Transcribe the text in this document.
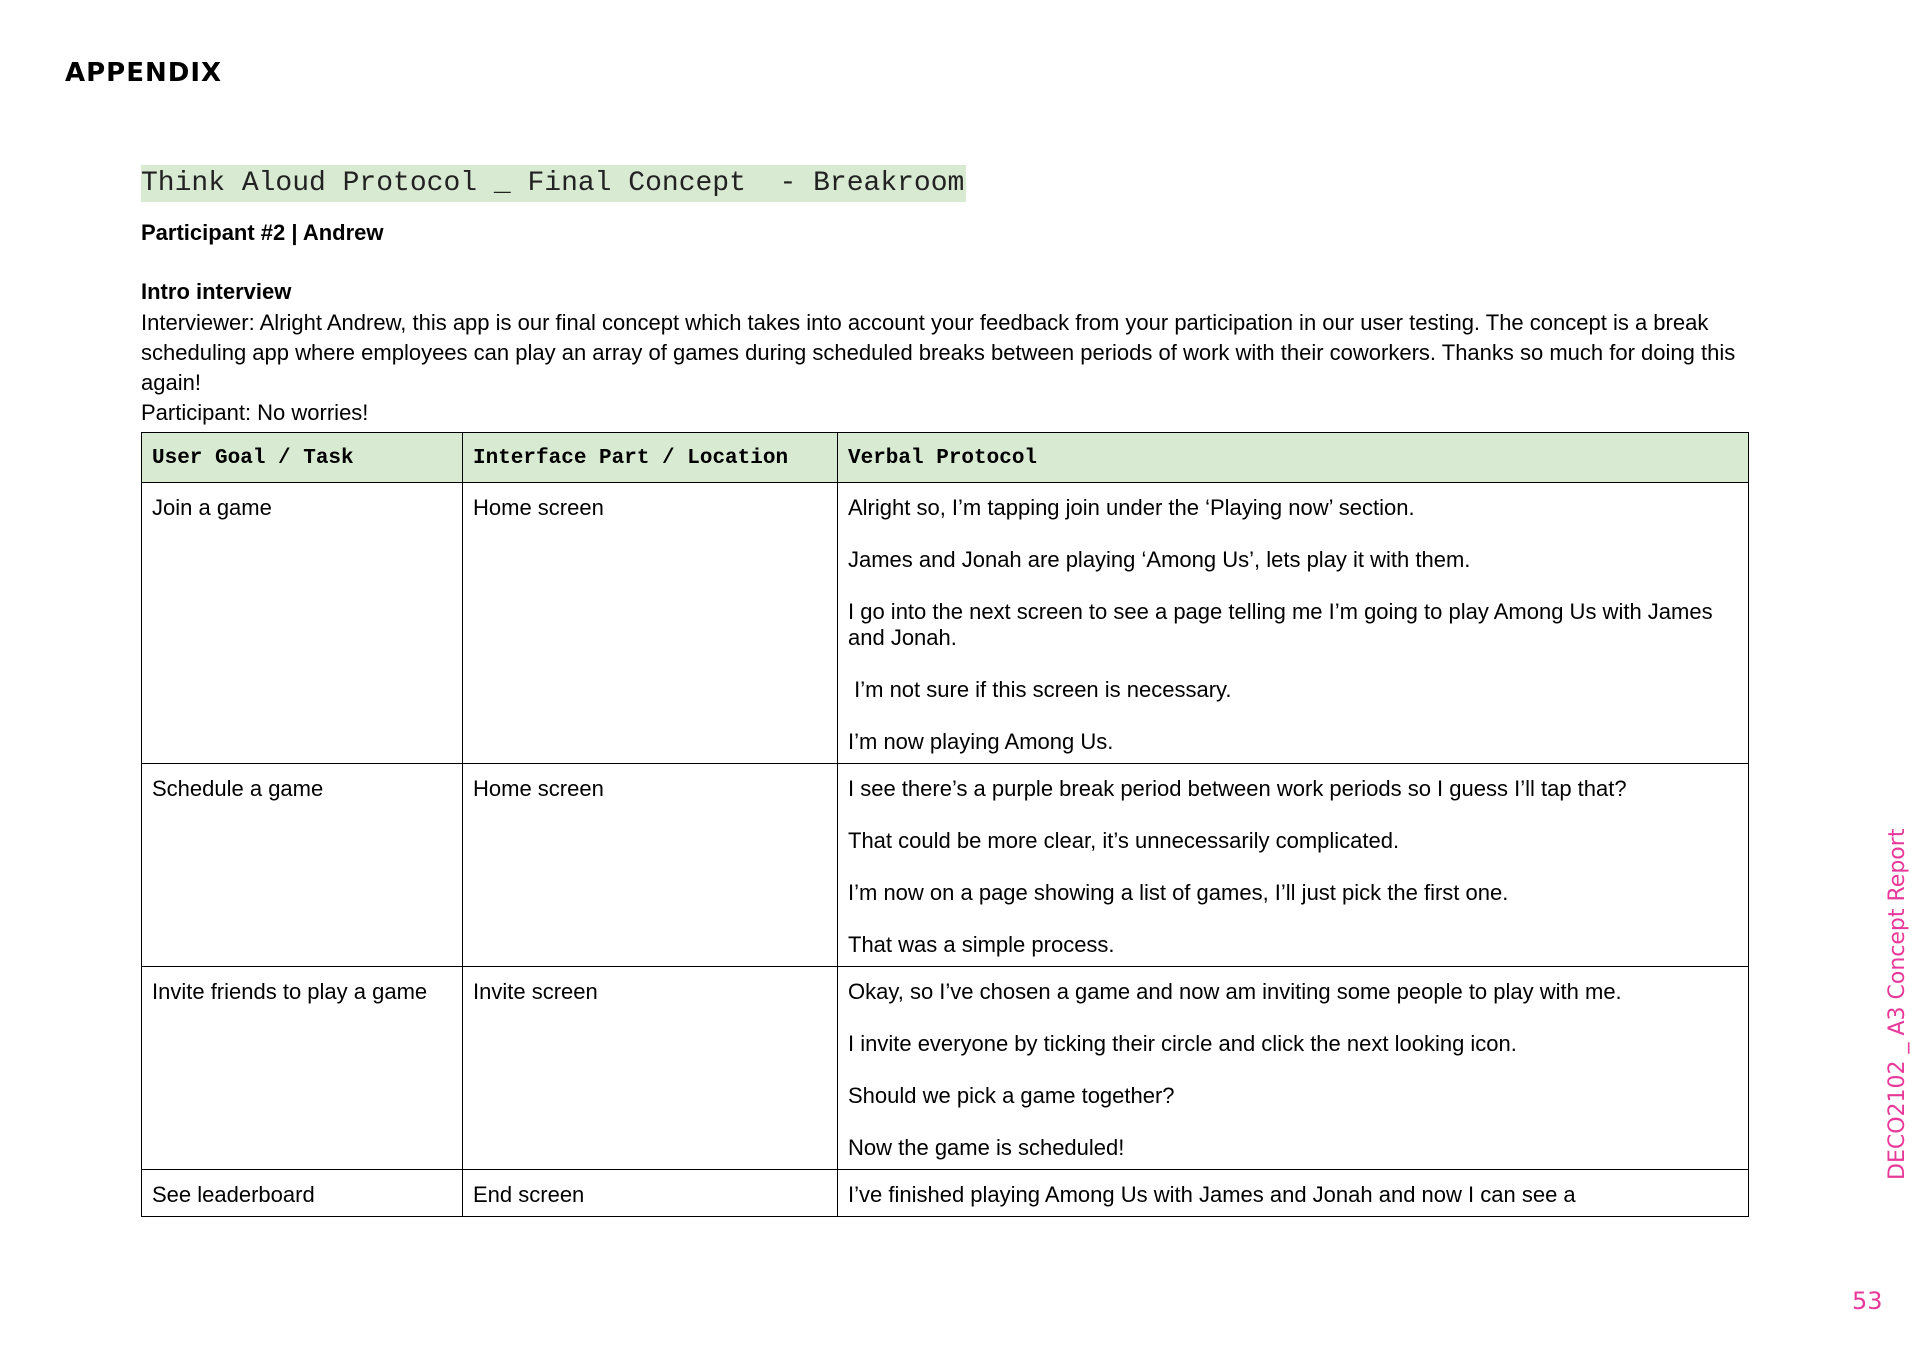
APPENDIX
Think Aloud Protocol _ Final Concept  - Breakroom
Participant #2 | Andrew
Intro interview

Interviewer: Alright Andrew, this app is our final concept which takes into account your feedback from your participation in our user testing. The concept is a break scheduling app where employees can play an array of games during scheduled breaks between periods of work with their coworkers. Thanks so much for doing this again!

Participant: No worries!

User Goal / Task	Interface Part / Location	Verbal Protocol
Join a game	Home screen	Alright so, I’m tapping join under the ‘Playing now’ section.

James and Jonah are playing ‘Among Us’, lets play it with them.

I go into the next screen to see a page telling me I’m going to play Among Us with James and Jonah.

I’m not sure if this screen is necessary.

I’m now playing Among Us.

Schedule a game	Home screen	I see there’s a purple break period between work periods so I guess I’ll tap that?

That could be more clear, it’s unnecessarily complicated.

I’m now on a page showing a list of games, I’ll just pick the first one.

That was a simple process.

Invite friends to play a game	Invite screen	Okay, so I’ve chosen a game and now am inviting some people to play with me.

I invite everyone by ticking their circle and click the next looking icon.

Should we pick a game together?

Now the game is scheduled!

See leaderboard	End screen	I’ve finished playing Among Us with James and Jonah and now I can see a

DECO2102 _ A3 Concept Report
53
